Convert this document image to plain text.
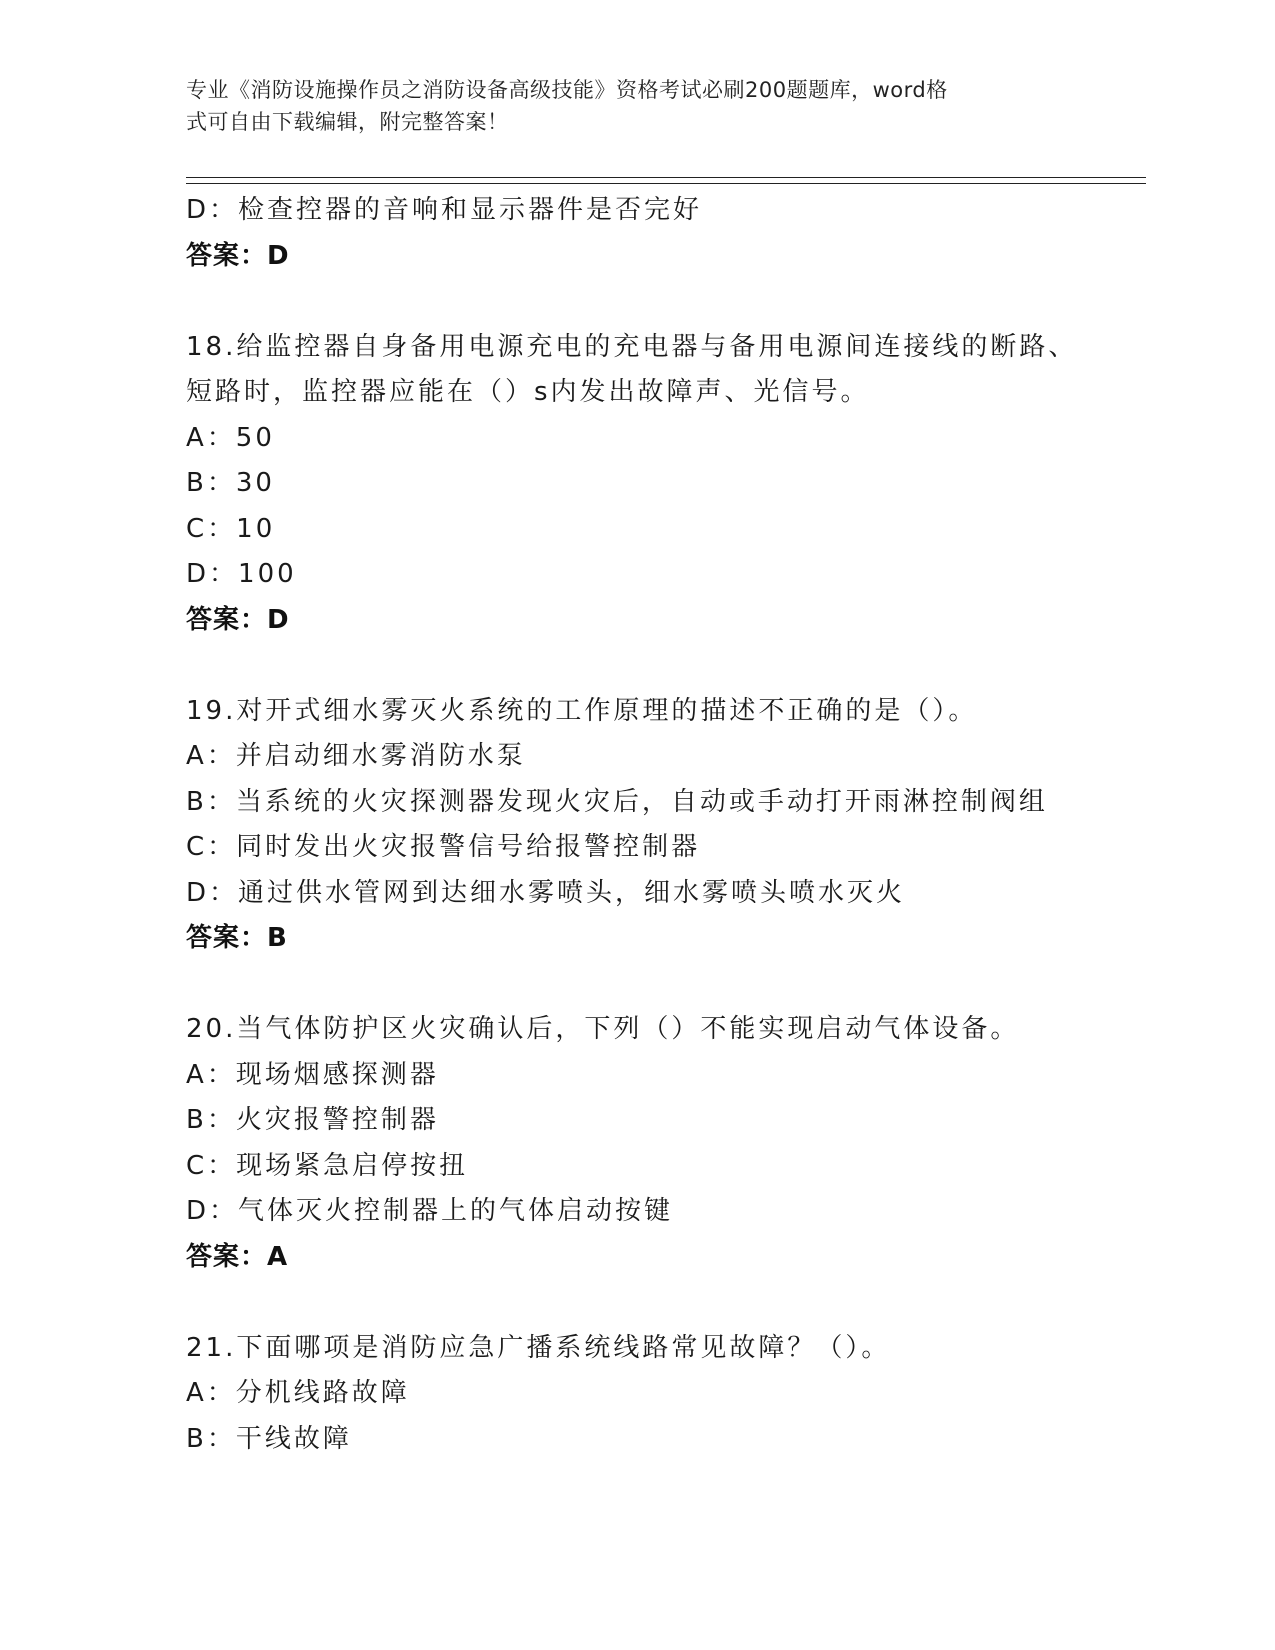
专业《消防设施操作员之消防设备高级技能》资格考试必刷200题题库，word格
式可自由下载编辑，附完整答案！
D：检查控器的音响和显示器件是否完好
答案：D
18.给监控器自身备用电源充电的充电器与备用电源间连接线的断路、
短路时，监控器应能在（）s内发出故障声、光信号。
A：50
B：30
C：10
D：100
答案：D
19.对开式细水雾灭火系统的工作原理的描述不正确的是（）。
A：并启动细水雾消防水泵
B：当系统的火灾探测器发现火灾后，自动或手动打开雨淋控制阀组
C：同时发出火灾报警信号给报警控制器
D：通过供水管网到达细水雾喷头，细水雾喷头喷水灭火
答案：B
20.当气体防护区火灾确认后，下列（）不能实现启动气体设备。
A：现场烟感探测器
B：火灾报警控制器
C：现场紧急启停按扭
D：气体灭火控制器上的气体启动按键
答案：A
21.下面哪项是消防应急广播系统线路常见故障？（）。
A：分机线路故障
B：干线故障
